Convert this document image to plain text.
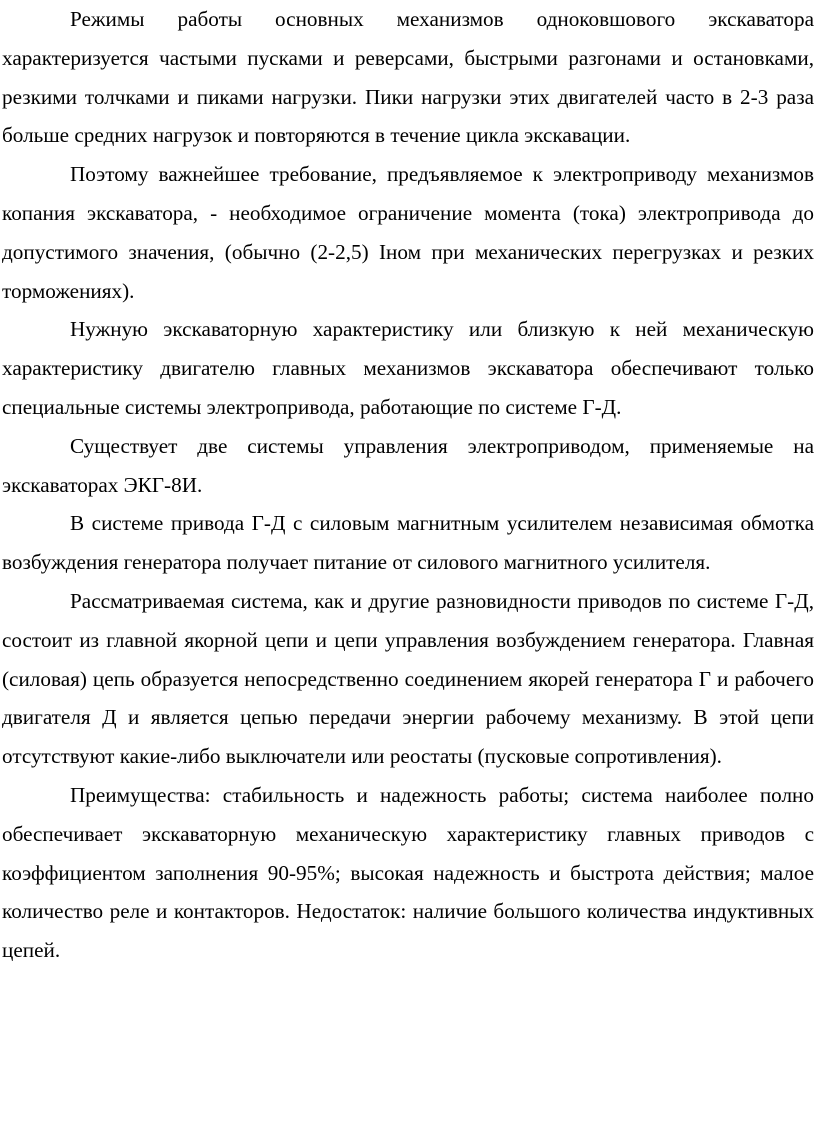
Режимы работы основных механизмов одноковшового экскаватора характеризуется частыми пусками и реверсами, быстрыми разгонами и остановками, резкими толчками и пиками нагрузки. Пики нагрузки этих двигателей часто в 2-3 раза больше средних нагрузок и повторяются в течение цикла экскавации.

Поэтому важнейшее требование, предъявляемое к электроприводу механизмов копания экскаватора, - необходимое ограничение момента (тока) электропривода до допустимого значения, (обычно (2-2,5) Iном при механических перегрузках и резких торможениях).

Нужную экскаваторную характеристику или близкую к ней механическую характеристику двигателю главных механизмов экскаватора обеспечивают только специальные системы электропривода, работающие по системе Г-Д.

Существует две системы управления электроприводом, применяемые на экскаваторах ЭКГ-8И.

В системе привода Г-Д с силовым магнитным усилителем независимая обмотка возбуждения генератора получает питание от силового магнитного усилителя.

Рассматриваемая система, как и другие разновидности приводов по системе Г-Д, состоит из главной якорной цепи и цепи управления возбуждением генератора. Главная (силовая) цепь образуется непосредственно соединением якорей генератора Г и рабочего двигателя Д и является цепью передачи энергии рабочему механизму. В этой цепи отсутствуют какие-либо выключатели или реостаты (пусковые сопротивления).

Преимущества: стабильность и надежность работы; система наиболее полно обеспечивает экскаваторную механическую характеристику главных приводов с коэффициентом заполнения 90-95%; высокая надежность и быстрота действия; малое количество реле и контакторов. Недостаток: наличие большого количества индуктивных цепей.
